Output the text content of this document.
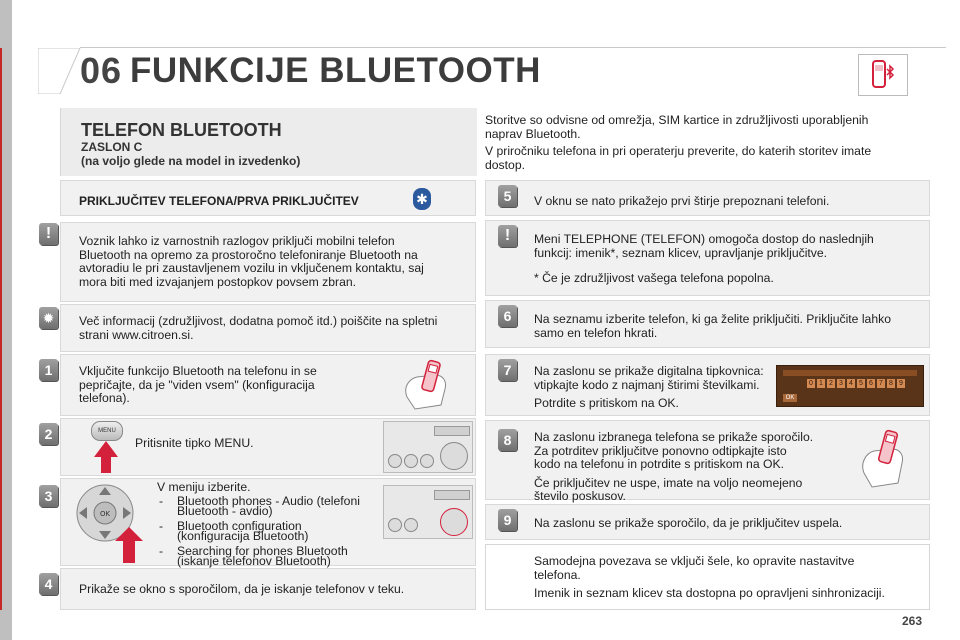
06 FUNKCIJE BLUETOOTH
TELEFON BLUETOOTH
ZASLON C
(na voljo glede na model in izvedenko)
Storitve so odvisne od omrežja, SIM kartice in združljivosti uporabljenih
naprav Bluetooth.
V priročniku telefona in pri operaterju preverite, do katerih storitev imate
dostop.
PRIKLJUČITEV TELEFONA/PRVA PRIKLJUČITEV	✱
!	Voznik lahko iz varnostnih razlogov priključi mobilni telefon
Bluetooth na opremo za prostoročno telefoniranje Bluetooth na
avtoradiu le pri zaustavljenem vozilu in vključenem kontaktu, saj
mora biti med izvajanjem postopkov povsem zbran.
✹ Več informacij (združljivost, dodatna pomoč itd.) poiščite na spletni
strani www.citroen.si.
1	Vključite funkcijo Bluetooth na telefonu in se
pepričajte, da je "viden vsem" (konfiguracija
telefona).
2	MENU
Pritisnite tipko MENU.
3
OK
V meniju izberite.
- Bluetooth phones - Audio (telefoni
Bluetooth - avdio)
- Bluetooth configuration
(konfiguracija Bluetooth)
- Searching for phones Bluetooth
(iskanje telefonov Bluetooth)
4	Prikaže se okno s sporočilom, da je iskanje telefonov v teku.
5	V oknu se nato prikažejo prvi štirje prepoznani telefoni.
!	Meni TELEPHONE (TELEFON) omogoča dostop do naslednjih
funkcij: imenik*, seznam klicev, upravljanje priključitve.
* Če je združljivost vašega telefona popolna.
6	Na seznamu izberite telefon, ki ga želite priključiti. Priključite lahko
samo en telefon hkrati.
7	Na zaslonu se prikaže digitalna tipkovnica:
vtipkajte kodo z najmanj štirimi številkami.
Potrdite s pritiskom na OK.
0 1 2 3 4 5 6 7 8 9
OK
8	Na zaslonu izbranega telefona se prikaže sporočilo.
Za potrditev priključitve ponovno odtipkajte isto
kodo na telefonu in potrdite s pritiskom na OK.
Če priključitev ne uspe, imate na voljo neomejeno
število poskusov.
9	Na zaslonu se prikaže sporočilo, da je priključitev uspela.
Samodejna povezava se vključi šele, ko opravite nastavitve
telefona.
Imenik in seznam klicev sta dostopna po opravljeni sinhronizaciji.
263
